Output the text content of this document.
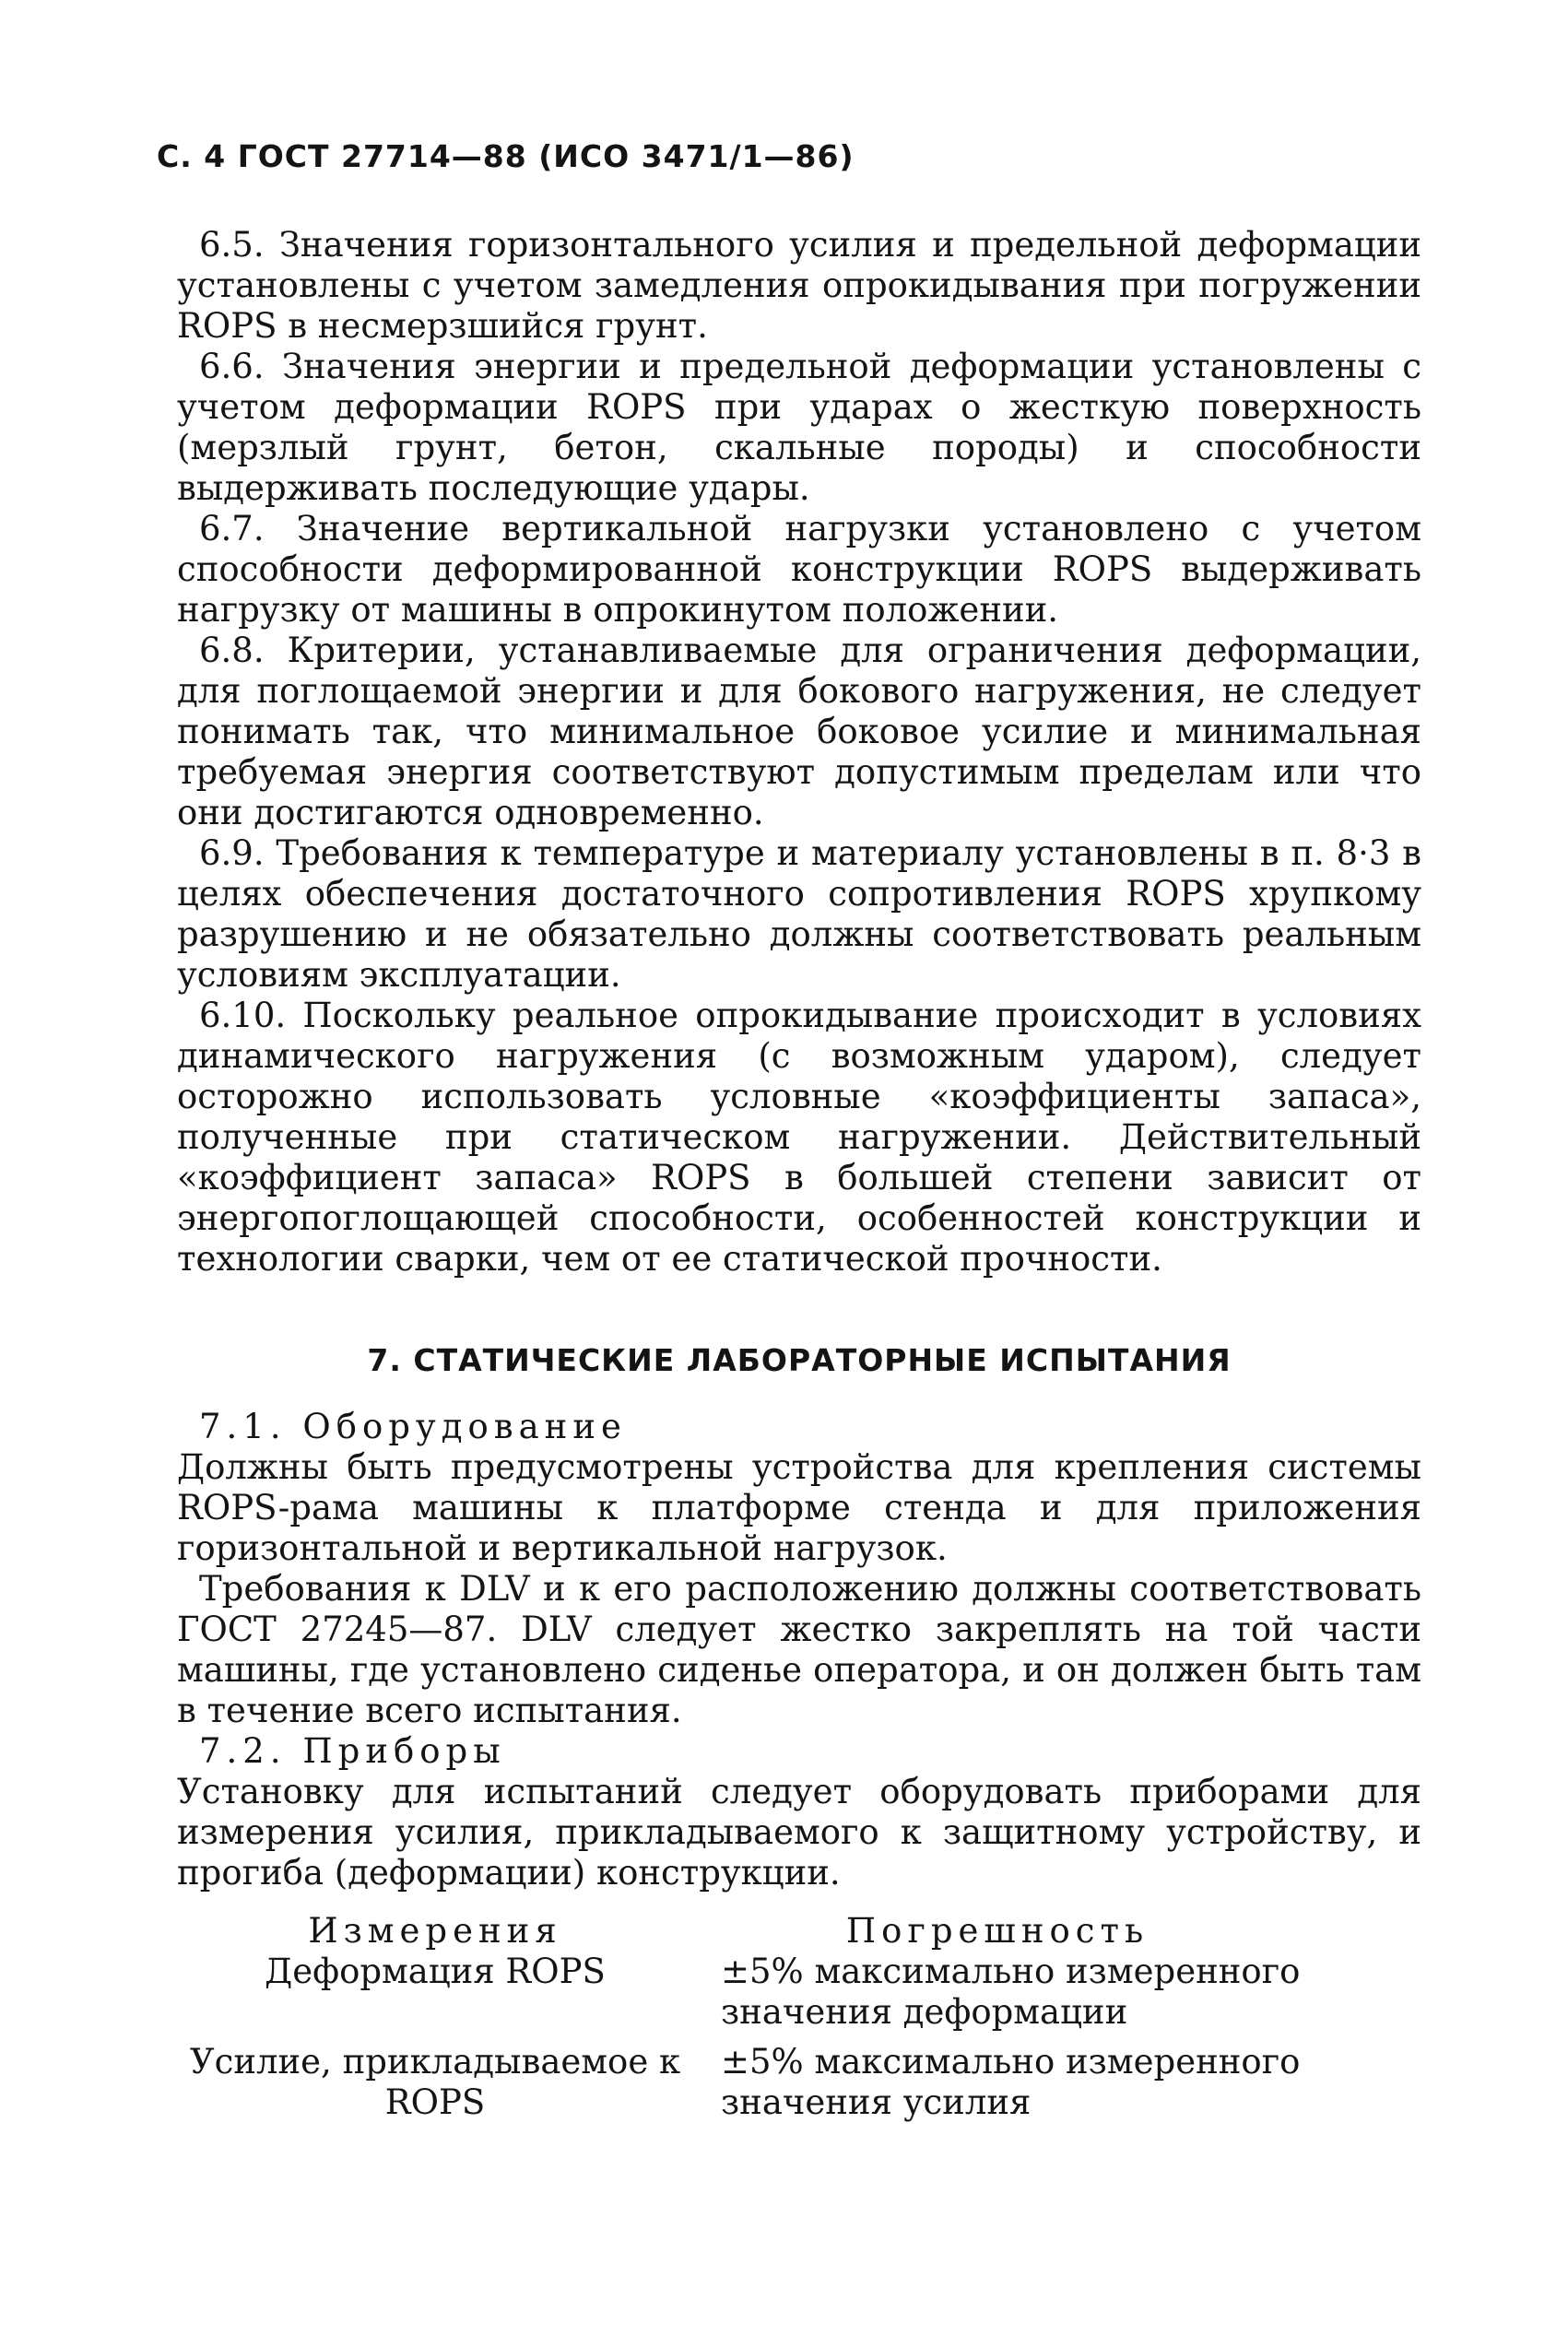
С. 4 ГОСТ 27714—88 (ИСО 3471/1—86)

6.5. Значения горизонтального усилия и предельной деформации установлены с учетом замедления опрокидывания при погружении ROPS в несмерзшийся грунт.

6.6. Значения энергии и предельной деформации установлены с учетом деформации ROPS при ударах о жесткую поверхность (мерзлый грунт, бетон, скальные породы) и способности выдерживать последующие удары.

6.7. Значение вертикальной нагрузки установлено с учетом способности деформированной конструкции ROPS выдерживать нагрузку от машины в опрокинутом положении.

6.8. Критерии, устанавливаемые для ограничения деформации, для поглощаемой энергии и для бокового нагружения, не следует понимать так, что минимальное боковое усилие и минимальная требуемая энергия соответствуют допустимым пределам или что они достигаются одновременно.

6.9. Требования к температуре и материалу установлены в п. 8·3 в целях обеспечения достаточного сопротивления ROPS хрупкому разрушению и не обязательно должны соответствовать реальным условиям эксплуатации.

6.10. Поскольку реальное опрокидывание происходит в условиях динамического нагружения (с возможным ударом), следует осторожно использовать условные «коэффициенты запаса», полученные при статическом нагружении. Действительный «коэффициент запаса» ROPS в большей степени зависит от энергопоглощающей способности, особенностей конструкции и технологии сварки, чем от ее статической прочности.

7. СТАТИЧЕСКИЕ ЛАБОРАТОРНЫЕ ИСПЫТАНИЯ

7.1. Оборудование

Должны быть предусмотрены устройства для крепления системы ROPS-рама машины к платформе стенда и для приложения горизонтальной и вертикальной нагрузок.

Требования к DLV и к его расположению должны соответствовать ГОСТ 27245—87. DLV следует жестко закреплять на той части машины, где установлено сиденье оператора, и он должен быть там в течение всего испытания.

7.2. Приборы

Установку для испытаний следует оборудовать приборами для измерения усилия, прикладываемого к защитному устройству, и прогиба (деформации) конструкции.

Измерения	Погрешность
Деформация ROPS	±5% максимально измеренного значения деформации
Усилие, прикладываемое к ROPS
±5% максимально измеренного значения усилия
